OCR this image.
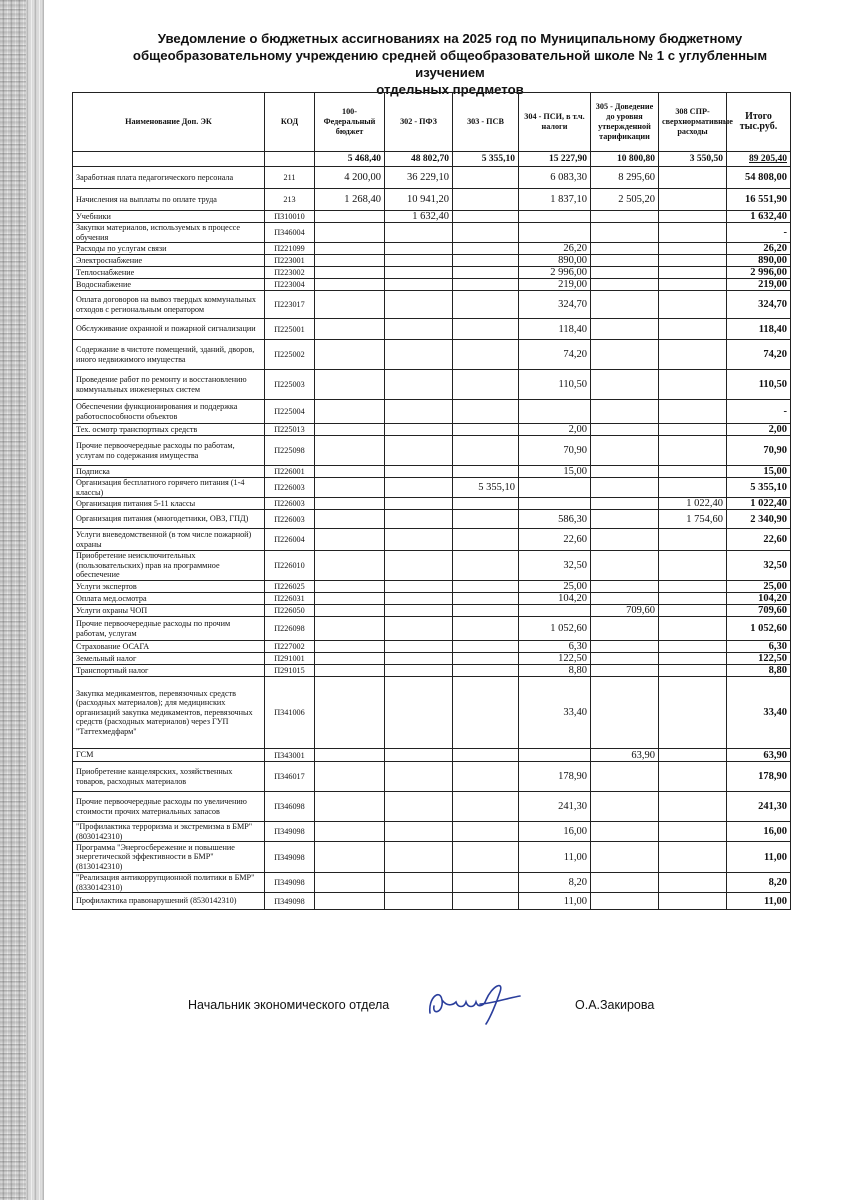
Уведомление о бюджетных ассигнованиях на 2025 год по Муниципальному бюджетному
общеобразовательному учреждению средней общеобразовательной школе № 1 с углубленным изучением
отдельных предметов
Наименование Доп. ЭК	КОД	100-Федеральный бюджет	302 - ПФЗ	303 - ПСВ	304 - ПСИ, в т.ч. налоги	305 - Доведение до уровня утвержденной тарификации	308 СПР-сверхнормативные расходы	Итого тыс.руб.
		5 468,40	48 802,70	5 355,10	15 227,90	10 800,80	3 550,50	89 205,40
Заработная плата педагогического персонала	211	4 200,00	36 229,10		6 083,30	8 295,60		54 808,00
Начисления на выплаты по оплате труда	213	1 268,40	10 941,20		1 837,10	2 505,20		16 551,90
Учебники	П310010		1 632,40					1 632,40
Закупки материалов, используемых в процессе обучения	П346004							-
Расходы по услугам связи	П221099				26,20			26,20
Электроснабжение	П223001				890,00			890,00
Теплоснабжение	П223002				2 996,00			2 996,00
Водоснабжение	П223004				219,00			219,00
Оплата договоров на вывоз твердых коммунальных отходов с региональным оператором	П223017				324,70			324,70
Обслуживание охранной и пожарной сигнализации	П225001				118,40			118,40
Содержание в чистоте помещений, зданий, дворов, иного недвижимого имущества	П225002				74,20			74,20
Проведение работ по ремонту и восстановлению коммунальных инженерных систем	П225003				110,50			110,50
Обеспечении функционирования и поддержка работоспособности объектов	П225004							-
Тех. осмотр транспортных средств	П225013				2,00			2,00
Прочие первоочередные расходы по работам, услугам по содержания имущества	П225098				70,90			70,90
Подписка	П226001				15,00			15,00
Организация бесплатного горячего питания (1-4 классы)	П226003			5 355,10				5 355,10
Организация питания 5-11 классы	П226003						1 022,40	1 022,40
Организация питания (многодетники, ОВЗ, ГПД)	П226003				586,30		1 754,60	2 340,90
Услуги вневедомственной (в том числе пожарной) охраны	П226004				22,60			22,60
Приобретение неисключительных (пользовательских) прав на программное обеспечение	П226010				32,50			32,50
Услуги экспертов	П226025				25,00			25,00
Оплата мед.осмотра	П226031				104,20			104,20
Услуги охраны ЧОП	П226050					709,60		709,60
Прочие первоочередные расходы по прочим работам, услугам	П226098				1 052,60			1 052,60
Страхование ОСАГА	П227002				6,30			6,30
Земельный налог	П291001				122,50			122,50
Транспортный налог	П291015				8,80			8,80
Закупка медикаментов, перевязочных средств (расходных материалов); для медицинских организаций закупка медикаментов, перевязочных средств (расходных материалов) через ГУП "Таттехмедфарм"	П341006				33,40			33,40
ГСМ	П343001					63,90		63,90
Приобретение канцелярских, хозяйственных товаров, расходных материалов	П346017				178,90			178,90
Прочие первоочередные расходы по увеличению стоимости прочих материальных запасов	П346098				241,30			241,30
"Профилактика терроризма и экстремизма в БМР" (8030142310)	П349098				16,00			16,00
Программа "Энергосбережение и повышение энергетической эффективности в БМР" (8130142310)	П349098				11,00			11,00
"Реализация антикоррупционной политики в БМР" (8330142310)	П349098				8,20			8,20
Профилактика правонарушений (8530142310)	П349098				11,00			11,00
Начальник экономического отдела	О.А.Закирова
